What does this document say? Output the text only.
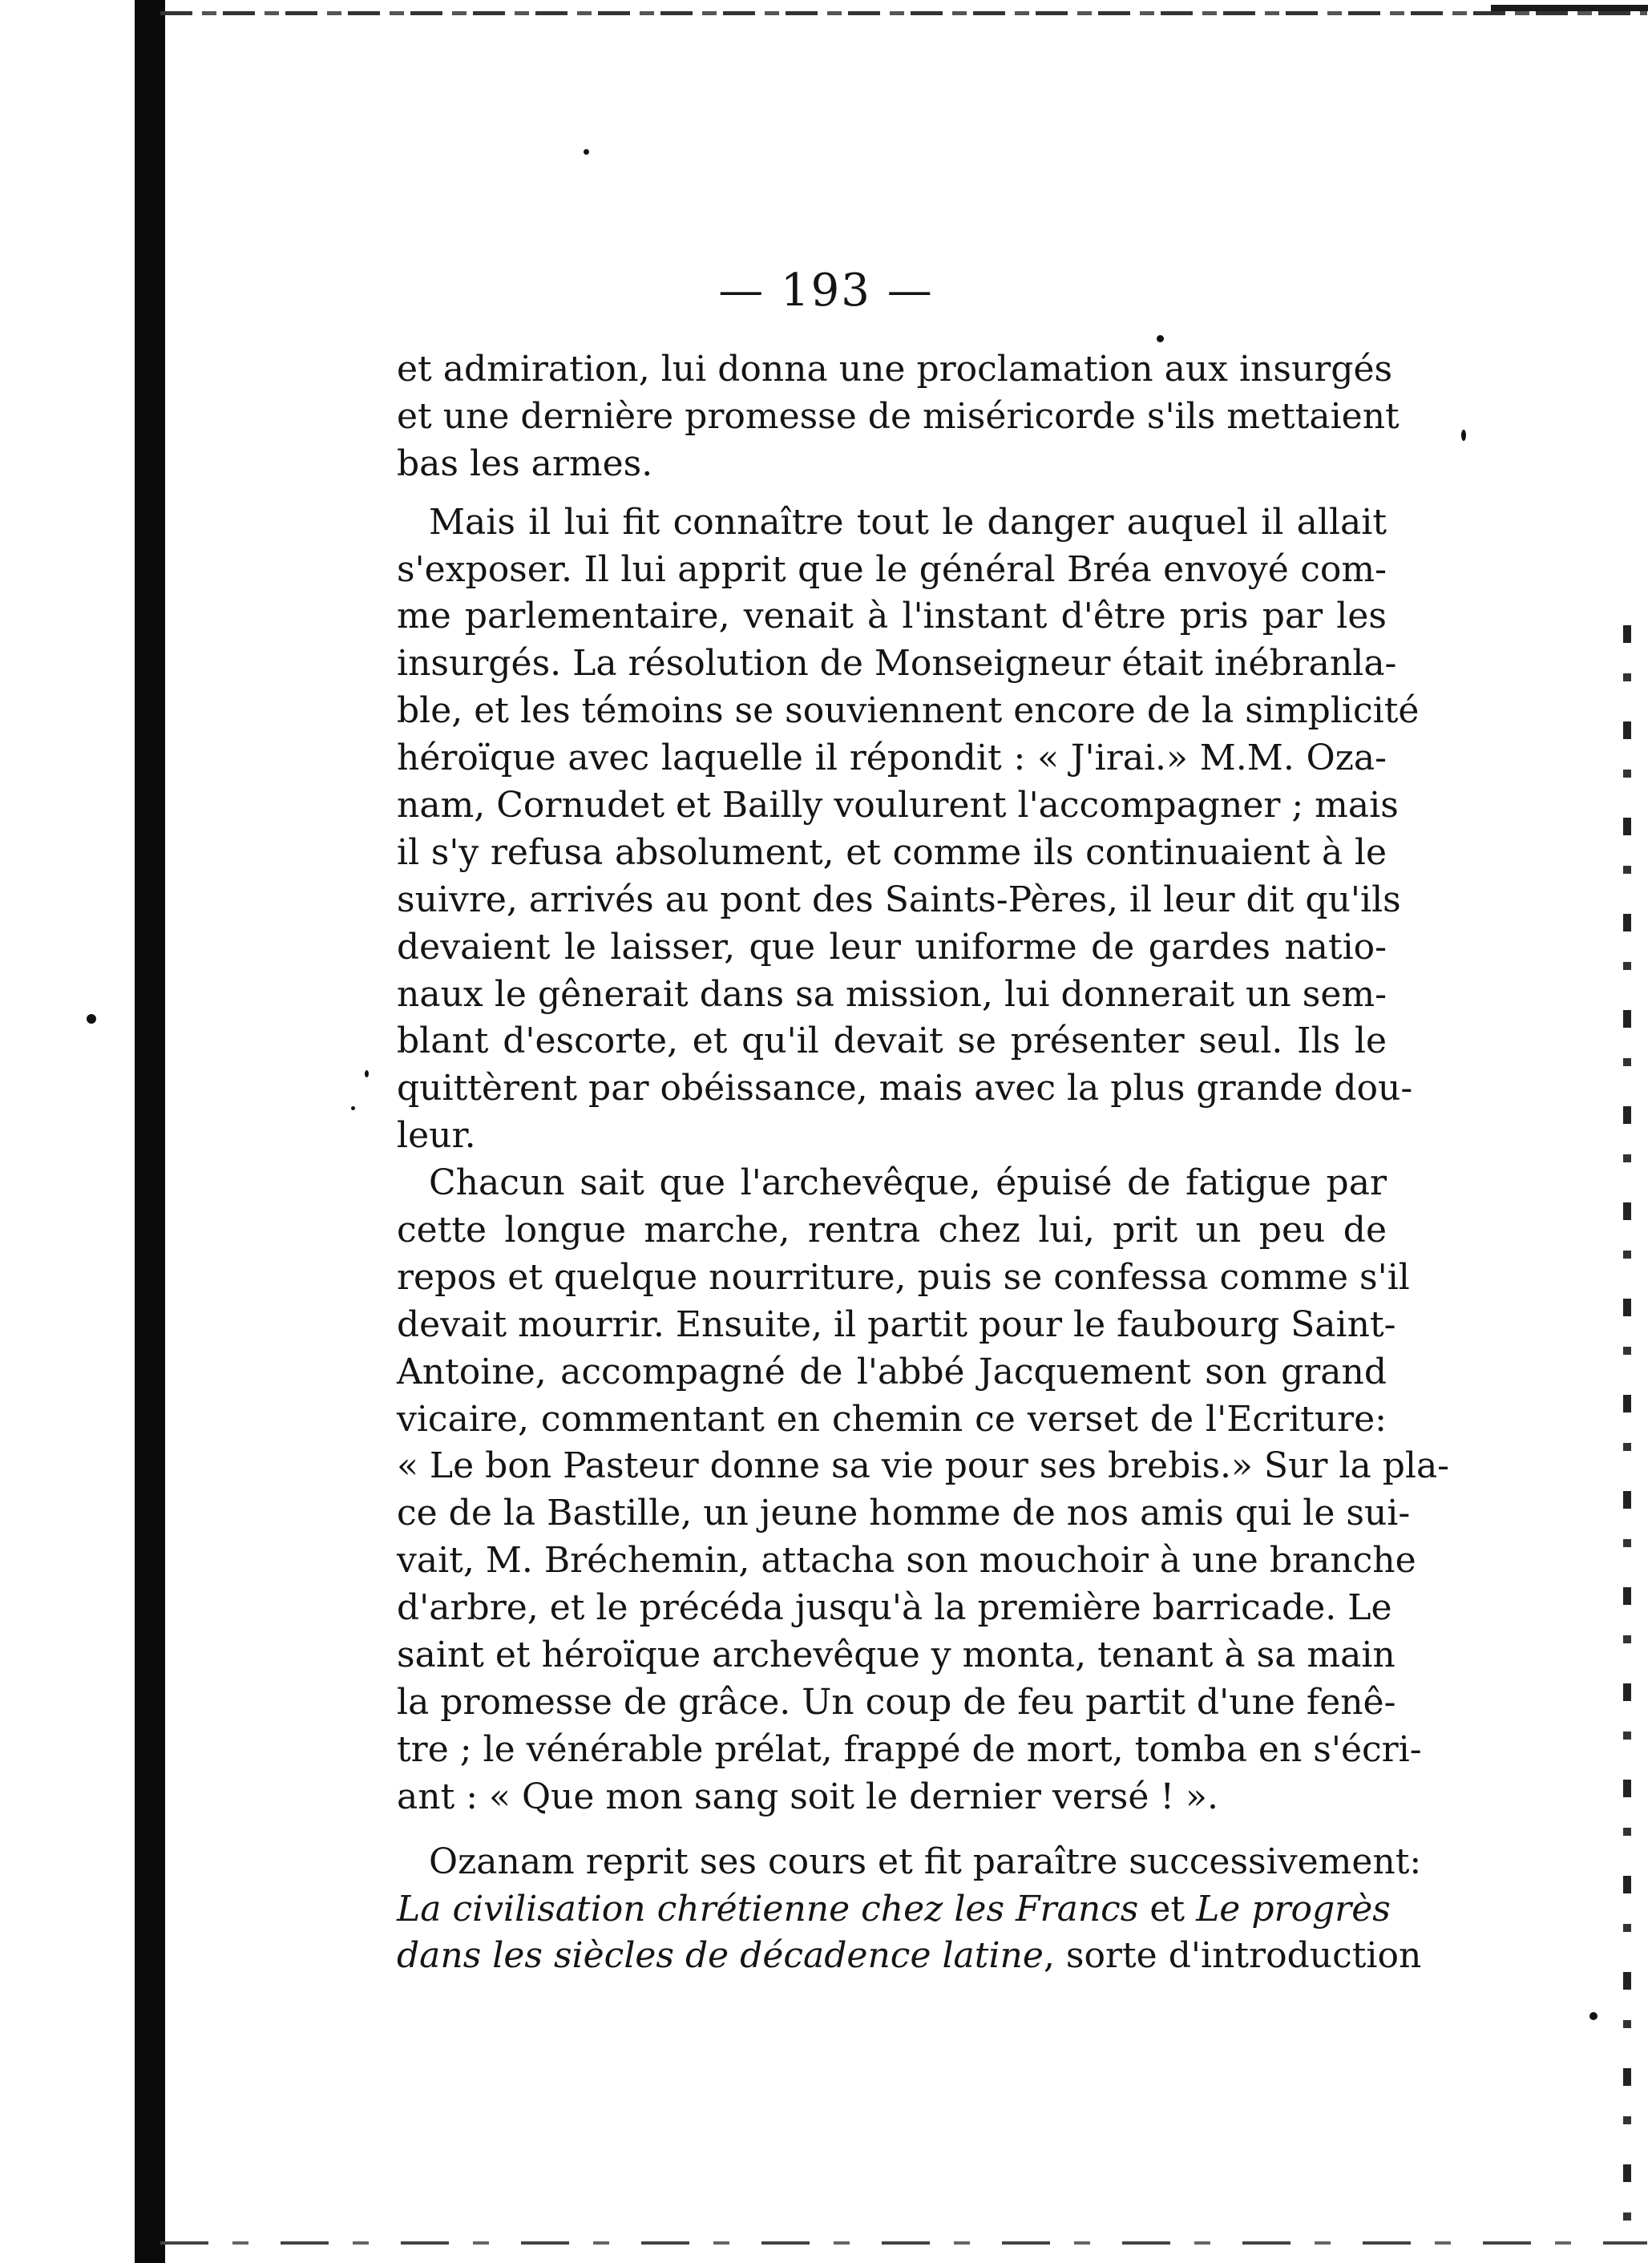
— 193 —
et admiration, lui donna une proclamation aux insurgés
et une dernière promesse de miséricorde s'ils mettaient
bas les armes.
Mais il lui fit connaître tout le danger auquel il allait
s'exposer. Il lui apprit que le général Bréa envoyé com-
me parlementaire, venait à l'instant d'être pris par les
insurgés. La résolution de Monseigneur était inébranla-
ble, et les témoins se souviennent encore de la simplicité
héroïque avec laquelle il répondit : « J'irai.» M.M. Oza-
nam, Cornudet et Bailly voulurent l'accompagner ; mais
il s'y refusa absolument, et comme ils continuaient à le
suivre, arrivés au pont des Saints-Pères, il leur dit qu'ils
devaient le laisser, que leur uniforme de gardes natio-
naux le gênerait dans sa mission, lui donnerait un sem-
blant d'escorte, et qu'il devait se présenter seul. Ils le
quittèrent par obéissance, mais avec la plus grande dou-
leur.
Chacun sait que l'archevêque, épuisé de fatigue par
cette longue marche, rentra chez lui, prit un peu de
repos et quelque nourriture, puis se confessa comme s'il
devait mourrir. Ensuite, il partit pour le faubourg Saint-
Antoine, accompagné de l'abbé Jacquement son grand
vicaire, commentant en chemin ce verset de l'Ecriture:
« Le bon Pasteur donne sa vie pour ses brebis.» Sur la pla-
ce de la Bastille, un jeune homme de nos amis qui le sui-
vait, M. Bréchemin, attacha son mouchoir à une branche
d'arbre, et le précéda jusqu'à la première barricade. Le
saint et héroïque archevêque y monta, tenant à sa main
la promesse de grâce. Un coup de feu partit d'une fenê-
tre ; le vénérable prélat, frappé de mort, tomba en s'écri-
ant : « Que mon sang soit le dernier versé ! ».
Ozanam reprit ses cours et fit paraître successivement:
La civilisation chrétienne chez les Francs et Le progrès
dans les siècles de décadence latine, sorte d'introduction
